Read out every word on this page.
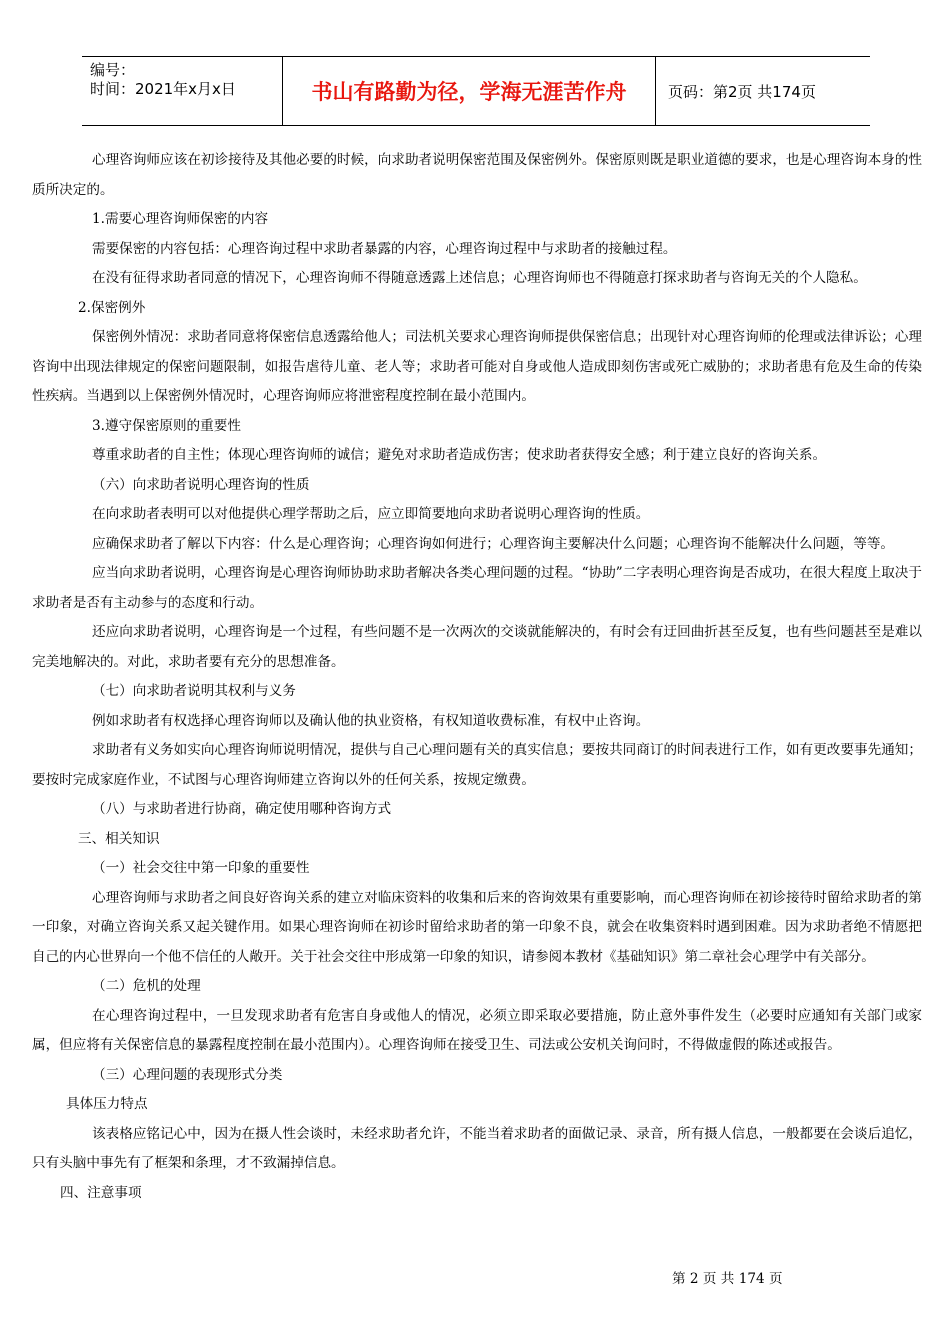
编号：
时间：2021年x月x日	书山有路勤为径，学海无涯苦作舟	页码：第2页 共174页

心理咨询师应该在初诊接待及其他必要的时候，向求助者说明保密范围及保密例外。保密原则既是职业道德的要求，也是心理咨询本身的性质所决定的。

1.需要心理咨询师保密的内容

需要保密的内容包括：心理咨询过程中求助者暴露的内容，心理咨询过程中与求助者的接触过程。

在没有征得求助者同意的情况下，心理咨询师不得随意透露上述信息；心理咨询师也不得随意打探求助者与咨询无关的个人隐私。

2.保密例外

保密例外情况：求助者同意将保密信息透露给他人；司法机关要求心理咨询师提供保密信息；出现针对心理咨询师的伦理或法律诉讼；心理咨询中出现法律规定的保密问题限制，如报告虐待儿童、老人等；求助者可能对自身或他人造成即刻伤害或死亡威胁的；求助者患有危及生命的传染性疾病。当遇到以上保密例外情况时，心理咨询师应将泄密程度控制在最小范围内。

3.遵守保密原则的重要性

尊重求助者的自主性；体现心理咨询师的诚信；避免对求助者造成伤害；使求助者获得安全感；利于建立良好的咨询关系。

（六）向求助者说明心理咨询的性质

在向求助者表明可以对他提供心理学帮助之后，应立即简要地向求助者说明心理咨询的性质。

应确保求助者了解以下内容：什么是心理咨询；心理咨询如何进行；心理咨询主要解决什么问题；心理咨询不能解决什么问题，等等。

应当向求助者说明，心理咨询是心理咨询师协助求助者解决各类心理问题的过程。“协助”二字表明心理咨询是否成功，在很大程度上取决于求助者是否有主动参与的态度和行动。

还应向求助者说明，心理咨询是一个过程，有些问题不是一次两次的交谈就能解决的，有时会有迂回曲折甚至反复，也有些问题甚至是难以完美地解决的。对此，求助者要有充分的思想准备。

（七）向求助者说明其权利与义务

例如求助者有权选择心理咨询师以及确认他的执业资格，有权知道收费标准，有权中止咨询。

求助者有义务如实向心理咨询师说明情况，提供与自己心理问题有关的真实信息；要按共同商订的时间表进行工作，如有更改要事先通知；要按时完成家庭作业，不试图与心理咨询师建立咨询以外的任何关系，按规定缴费。

（八）与求助者进行协商，确定使用哪种咨询方式

三、相关知识

（一）社会交往中第一印象的重要性

心理咨询师与求助者之间良好咨询关系的建立对临床资料的收集和后来的咨询效果有重要影响，而心理咨询师在初诊接待时留给求助者的第一印象，对确立咨询关系又起关键作用。如果心理咨询师在初诊时留给求助者的第一印象不良，就会在收集资料时遇到困难。因为求助者绝不情愿把自己的内心世界向一个他不信任的人敞开。关于社会交往中形成第一印象的知识，请参阅本教材《基础知识》第二章社会心理学中有关部分。

（二）危机的处理

在心理咨询过程中，一旦发现求助者有危害自身或他人的情况，必须立即采取必要措施，防止意外事件发生（必要时应通知有关部门或家属，但应将有关保密信息的暴露程度控制在最小范围内）。心理咨询师在接受卫生、司法或公安机关询问时，不得做虚假的陈述或报告。

（三）心理问题的表现形式分类

具体压力特点

该表格应铭记心中，因为在摄人性会谈时，未经求助者允许，不能当着求助者的面做记录、录音，所有摄人信息，一般都要在会谈后追忆，只有头脑中事先有了框架和条理，才不致漏掉信息。

四、注意事项

第 2 页 共 174 页
